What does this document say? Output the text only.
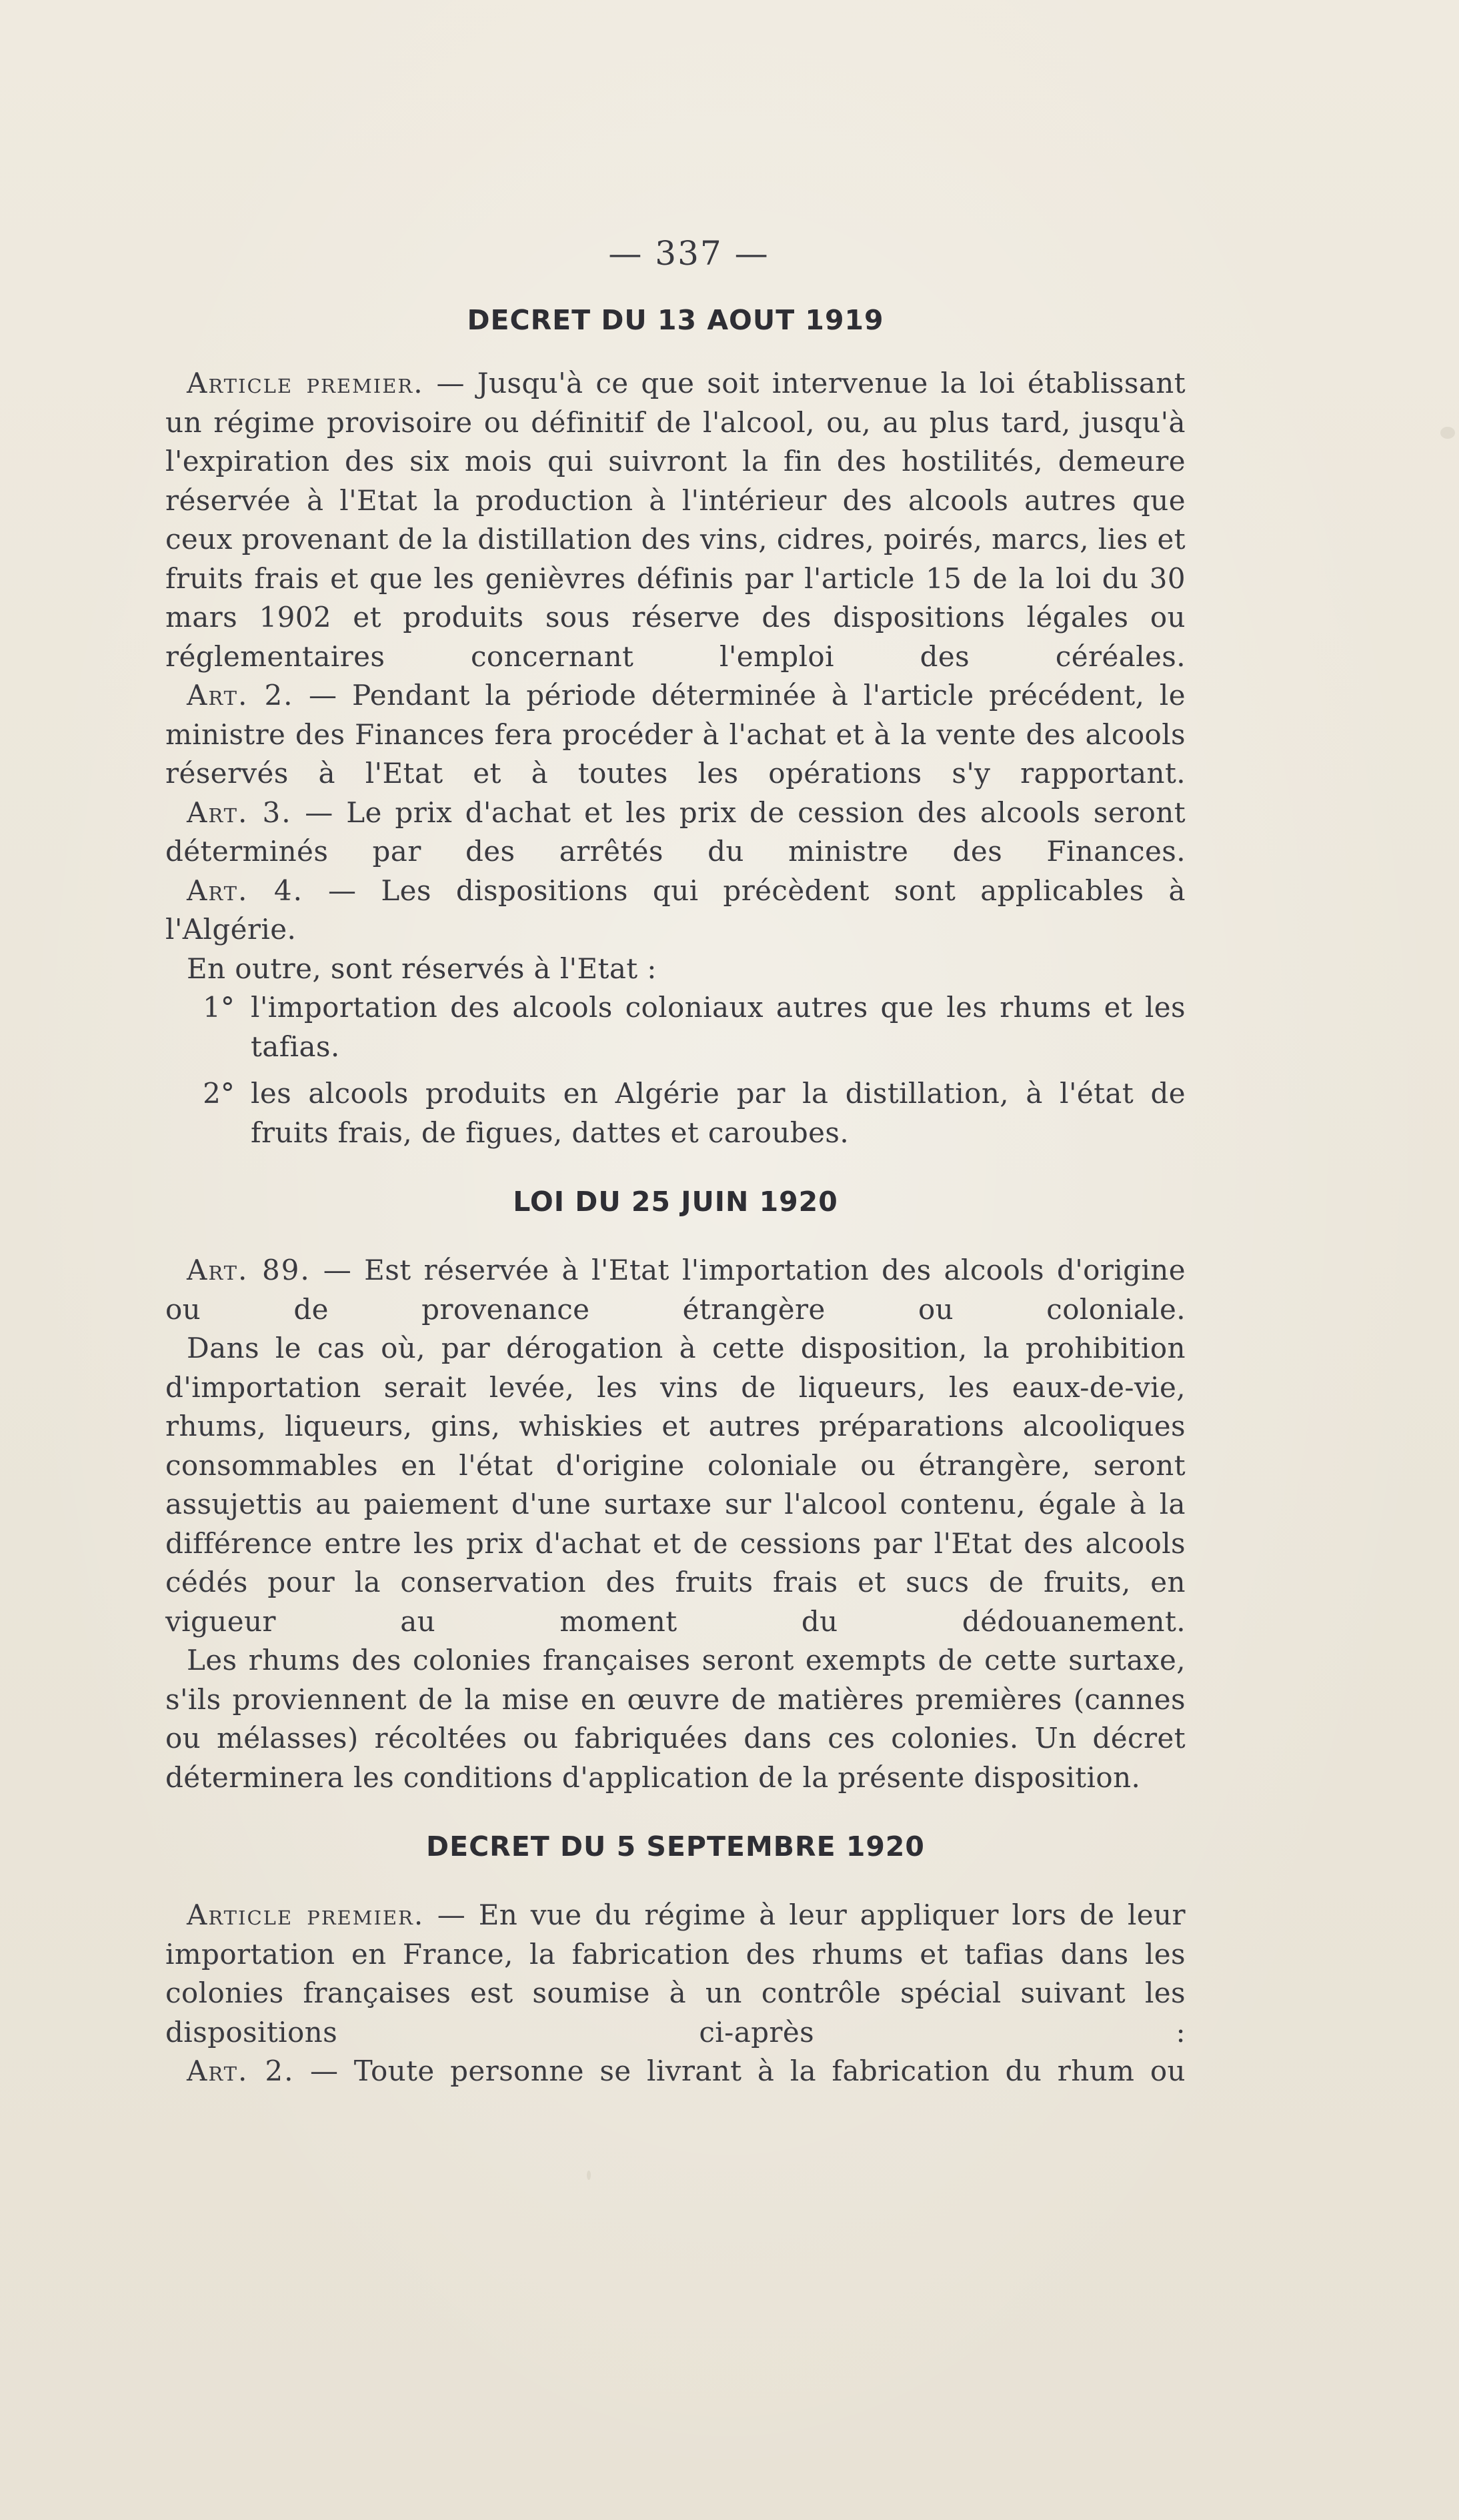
— 337 —
DECRET DU 13 AOUT 1919

Article premier. — Jusqu'à ce que soit intervenue la loi établissant un régime provisoire ou définitif de l'alcool, ou, au plus tard, jusqu'à l'expiration des six mois qui suivront la fin des hostilités, demeure réservée à l'Etat la production à l'intérieur des alcools autres que ceux provenant de la distillation des vins, cidres, poirés, marcs, lies et fruits frais et que les genièvres définis par l'article 15 de la loi du 30 mars 1902 et produits sous réserve des dispositions légales ou réglementaires concernant l'emploi des céréales.

Art. 2. — Pendant la période déterminée à l'article précédent, le ministre des Finances fera procéder à l'achat et à la vente des alcools réservés à l'Etat et à toutes les opérations s'y rapportant.

Art. 3. — Le prix d'achat et les prix de cession des alcools seront déterminés par des arrêtés du ministre des Finances.

Art. 4. — Les dispositions qui précèdent sont applicables à l'Algérie.

En outre, sont réservés à l'Etat :

1° l'importation des alcools coloniaux autres que les rhums et les tafias.

2° les alcools produits en Algérie par la distillation, à l'état de fruits frais, de figues, dattes et caroubes.

LOI DU 25 JUIN 1920

Art. 89. — Est réservée à l'Etat l'importation des alcools d'origine ou de provenance étrangère ou coloniale.

Dans le cas où, par dérogation à cette disposition, la prohibition d'importation serait levée, les vins de liqueurs, les eaux-de-vie, rhums, liqueurs, gins, whiskies et autres préparations alcooliques consommables en l'état d'origine coloniale ou étrangère, seront assujettis au paiement d'une surtaxe sur l'alcool contenu, égale à la différence entre les prix d'achat et de cessions par l'Etat des alcools cédés pour la conservation des fruits frais et sucs de fruits, en vigueur au moment du dédouanement.

Les rhums des colonies françaises seront exempts de cette surtaxe, s'ils proviennent de la mise en œuvre de matières premières (cannes ou mélasses) récoltées ou fabriquées dans ces colonies. Un décret déterminera les conditions d'application de la présente disposition.

DECRET DU 5 SEPTEMBRE 1920

Article premier. — En vue du régime à leur appliquer lors de leur importation en France, la fabrication des rhums et tafias dans les colonies françaises est soumise à un contrôle spécial suivant les dispositions ci-après :

Art. 2. — Toute personne se livrant à la fabrication du rhum ou
